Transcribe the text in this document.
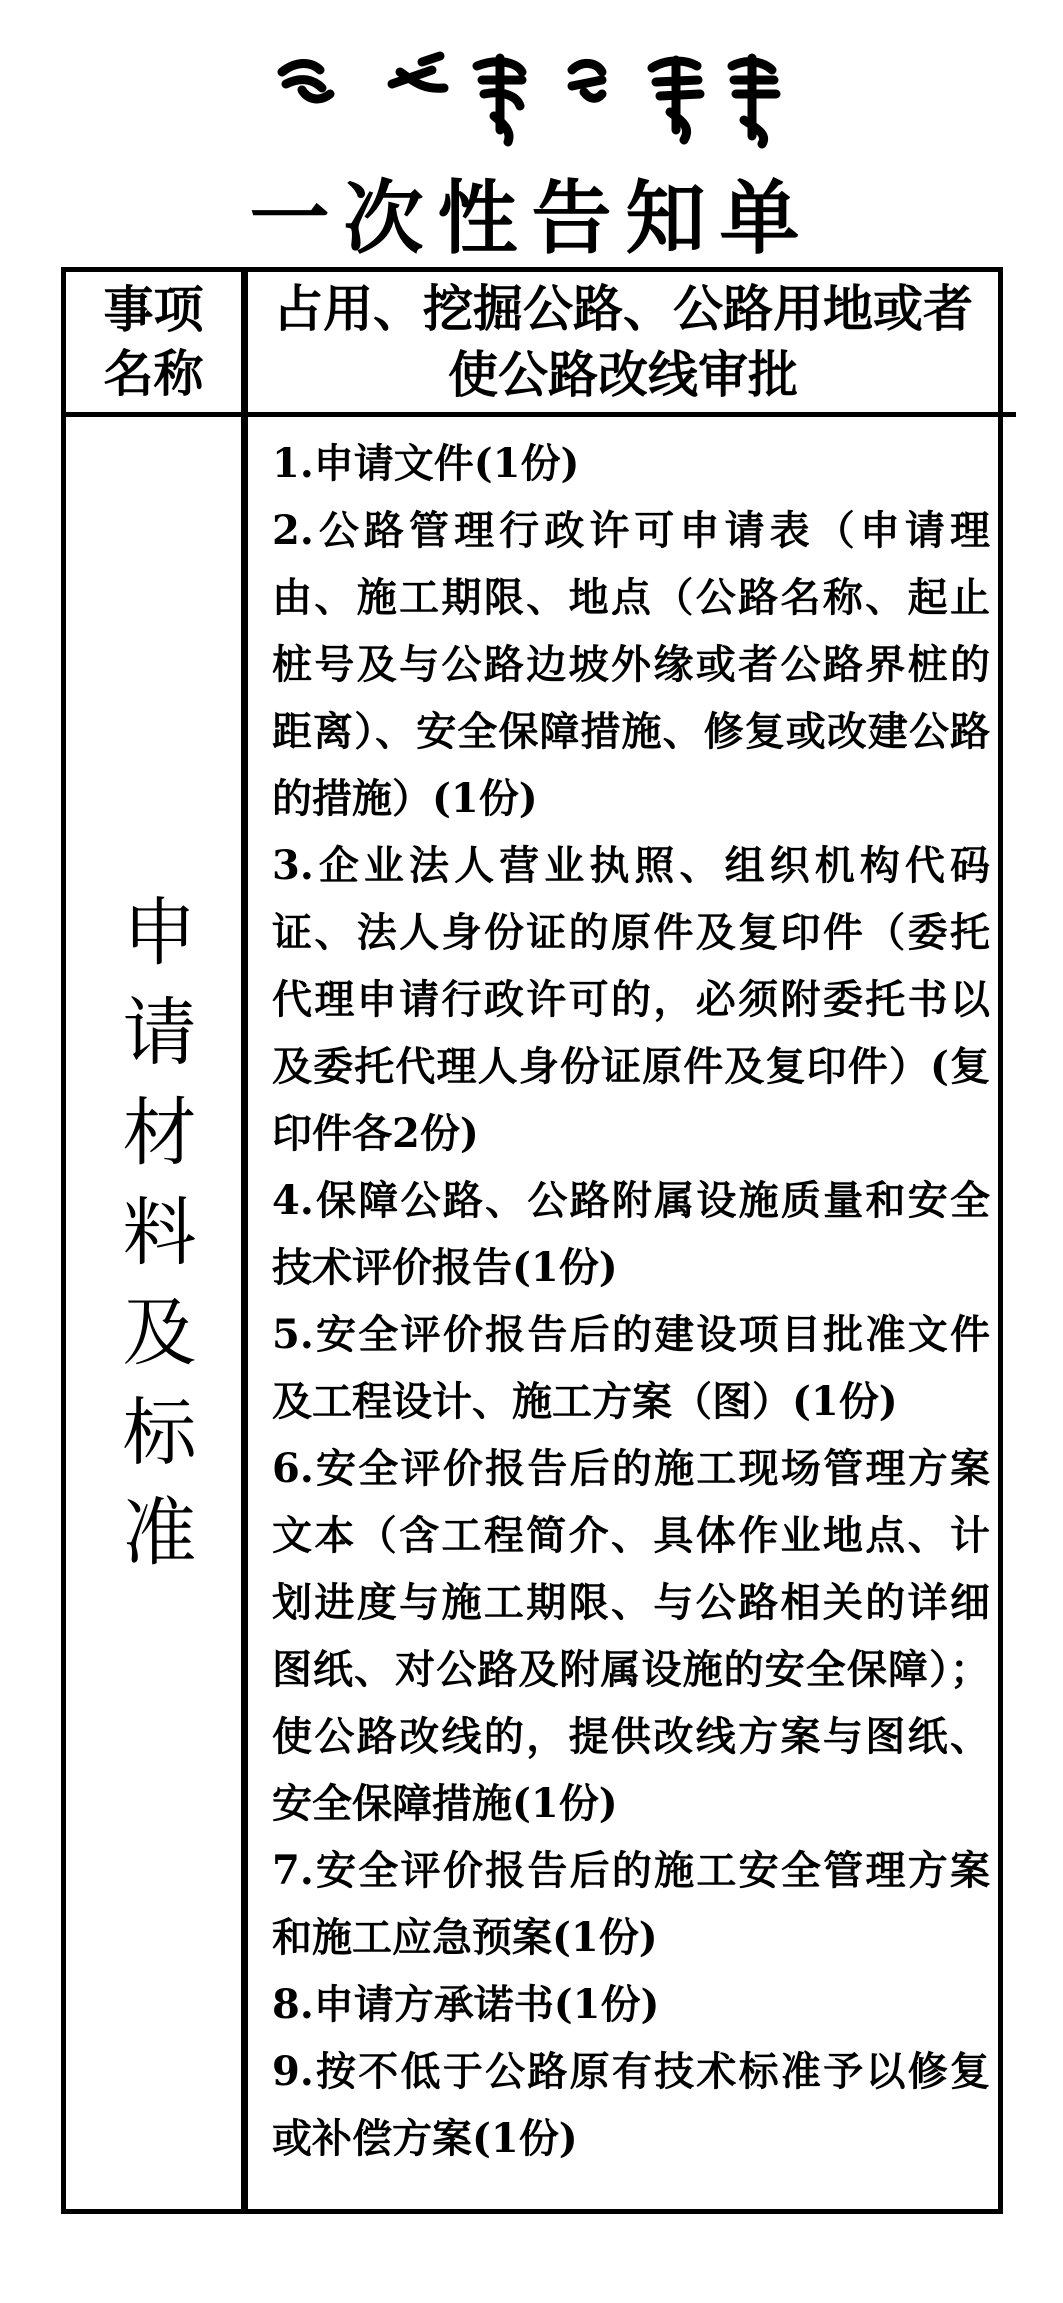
一次性告知单
事项名称
占用、挖掘公路、公路用地或者使公路改线审批
申请材料及标准
1.申请文件(1份)
2.公路管理行政许可申请表（申请理由、施工期限、地点（公路名称、起止桩号及与公路边坡外缘或者公路界桩的距离）、安全保障措施、修复或改建公路的措施）(1份)
3.企业法人营业执照、组织机构代码证、法人身份证的原件及复印件（委托代理申请行政许可的，必须附委托书以及委托代理人身份证原件及复印件）(复印件各2份)
4.保障公路、公路附属设施质量和安全技术评价报告(1份)
5.安全评价报告后的建设项目批准文件及工程设计、施工方案（图）(1份)
6.安全评价报告后的施工现场管理方案文本（含工程简介、具体作业地点、计划进度与施工期限、与公路相关的详细图纸、对公路及附属设施的安全保障）；使公路改线的，提供改线方案与图纸、安全保障措施(1份)
7.安全评价报告后的施工安全管理方案和施工应急预案(1份)
8.申请方承诺书(1份)
9.按不低于公路原有技术标准予以修复或补偿方案(1份)
